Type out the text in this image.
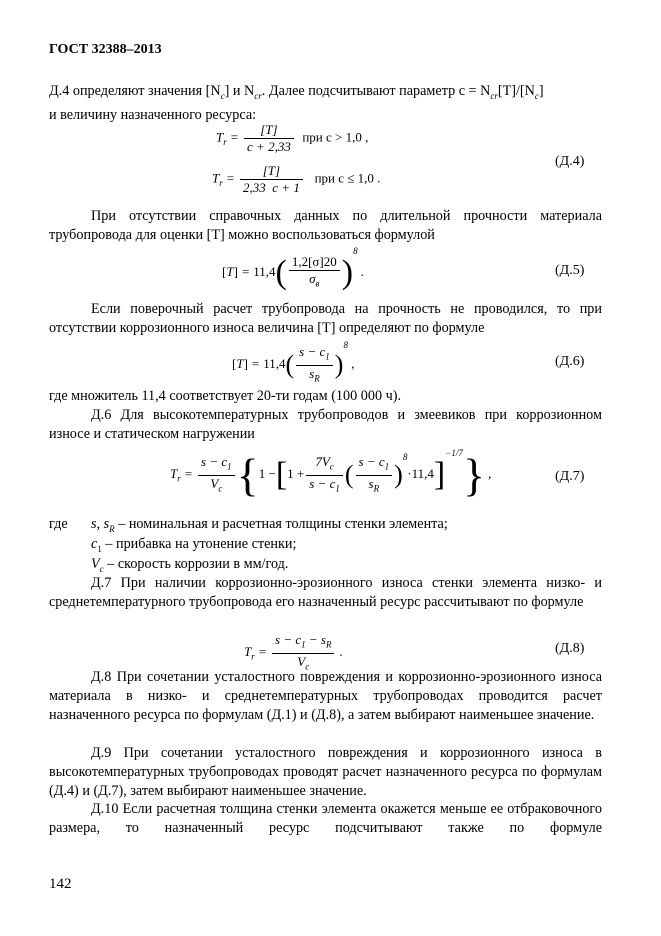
ГОСТ 32388–2013
Д.4 определяют значения $[N_c]$ и $N_{cr}$. Далее подсчитывают параметр $c = N_{cr}[T]/[N_c]$
и величину назначенного ресурса:
$T_r = \frac{[T]}{c + 2,33}$ при c > 1,0 ,
$T_r = \frac{[T]}{2,33 c + 1}$ при c ≤ 1,0 .
(Д.4)
При отсутствии справочных данных по длительной прочности материала трубопровода для оценки [T] можно воспользоваться формулой
$[T] = 11,4( \frac{1,2[\sigma]20}{\sigma_в} )^8$ .	(Д.5)
Если поверочный расчет трубопровода на прочность не проводился, то при отсутствии коррозионного износа величина [T] определяют по формуле
$[T] = 11,4( \frac{s - c_1}{s_R} )^8$ ,	(Д.6)
где множитель 11,4 соответствует 20-ти годам (100 000 ч).
Д.6 Для высокотемпературных трубопроводов и змеевиков при коррозионном износе и статическом нагружении
$T_r = \frac{s - c_1}{V_c} \{1 -[1 + \frac{7V_c}{s - c_1}$ ( $\frac{s - c_1}{s_R} )^8\cdot 11,4]^{-1/7}$} ,	(Д.7)
где s, $s_R$ – номинальная и расчетная толщины стенки элемента;
$c_1$ – прибавка на утонение стенки;
$V_c$ – скорость коррозии в мм/год.
Д.7 При наличии коррозионно-эрозионного износа стенки элемента низко- и среднетемпературного трубопровода его назначенный ресурс рассчитывают по формуле
$T_r = \frac{s - c_1 - s_R}{V_c}$ .	(Д.8)
Д.8 При сочетании усталостного повреждения и коррозионно-эрозионного износа материала в низко- и среднетемпературных трубопроводах проводится расчет назначенного ресурса по формулам (Д.1) и (Д.8), а затем выбирают наименьшее значение.
Д.9 При сочетании усталостного повреждения и коррозионного износа в высокотемпературных трубопроводах проводят расчет назначенного ресурса по формулам (Д.4) и (Д.7), затем выбирают наименьшее значение.
Д.10 Если расчетная толщина стенки элемента окажется меньше ее отбраковочного размера, то назначенный ресурс подсчитывают также по формуле
142
